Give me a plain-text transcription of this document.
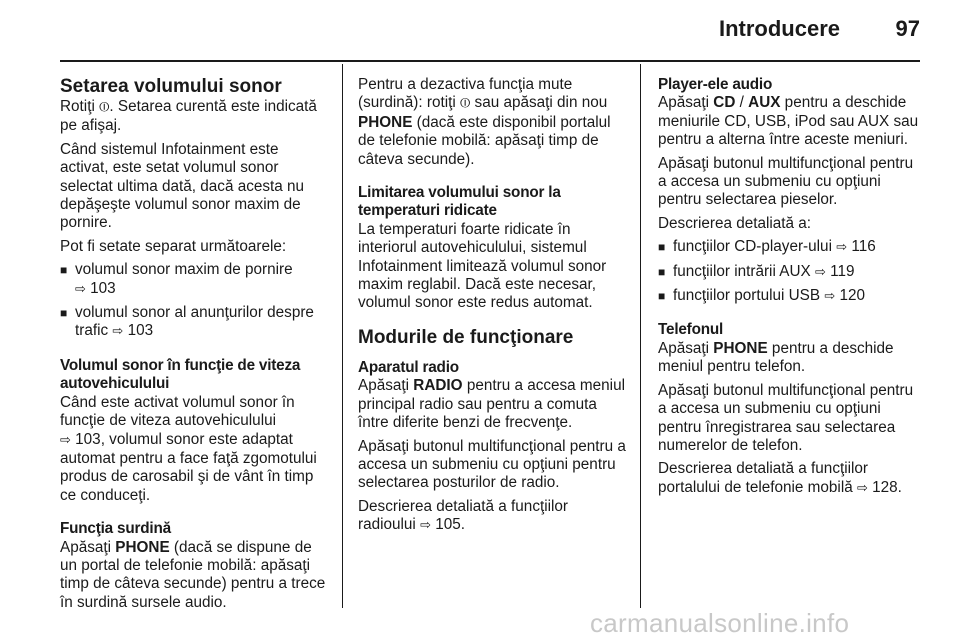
Introducere	97
Setarea volumului sonor

Rotiţi ⏼. Setarea curentă este indicată pe afişaj.

Când sistemul Infotainment este activat, este setat volumul sonor selectat ultima dată, dacă acesta nu depăşeşte volumul sonor maxim de pornire.

Pot fi setate separat următoarele:

■ volumul sonor maxim de pornire
⇨ 103
■ volumul sonor al anunţurilor despre trafic ⇨ 103
Volumul sonor în funcţie de viteza autovehiculului

Când este activat volumul sonor în funcţie de viteza autovehiculului
⇨ 103, volumul sonor este adaptat automat pentru a face faţă zgomotului produs de carosabil şi de vânt în timp ce conduceţi.

Funcţia surdină

Apăsaţi PHONE (dacă se dispune de un portal de telefonie mobilă: apăsaţi timp de câteva secunde) pentru a trece în surdină sursele audio.

Pentru a dezactiva funcţia mute (surdină): rotiţi ⏼ sau apăsaţi din nou PHONE (dacă este disponibil portalul de telefonie mobilă: apăsaţi timp de câteva secunde).

Limitarea volumului sonor la temperaturi ridicate

La temperaturi foarte ridicate în interiorul autovehiculului, sistemul Infotainment limitează volumul sonor maxim reglabil. Dacă este necesar, volumul sonor este redus automat.

Modurile de funcţionare
Aparatul radio

Apăsaţi RADIO pentru a accesa meniul principal radio sau pentru a comuta între diferite benzi de frecvenţe.

Apăsaţi butonul multifuncţional pentru a accesa un submeniu cu opţiuni pentru selectarea posturilor de radio.

Descrierea detaliată a funcţiilor radioului ⇨ 105.

Player-ele audio

Apăsaţi CD / AUX pentru a deschide meniurile CD, USB, iPod sau AUX sau pentru a alterna între aceste meniuri.

Apăsaţi butonul multifuncţional pentru a accesa un submeniu cu opţiuni pentru selectarea pieselor.

Descrierea detaliată a:

■ funcţiilor CD-player-ului ⇨ 116
■ funcţiilor intrării AUX ⇨ 119
■ funcţiilor portului USB ⇨ 120
Telefonul

Apăsaţi PHONE pentru a deschide meniul pentru telefon.

Apăsaţi butonul multifuncţional pentru a accesa un submeniu cu opţiuni pentru înregistrarea sau selectarea numerelor de telefon.

Descrierea detaliată a funcţiilor portalului de telefonie mobilă ⇨ 128.

carmanualsonline.info
